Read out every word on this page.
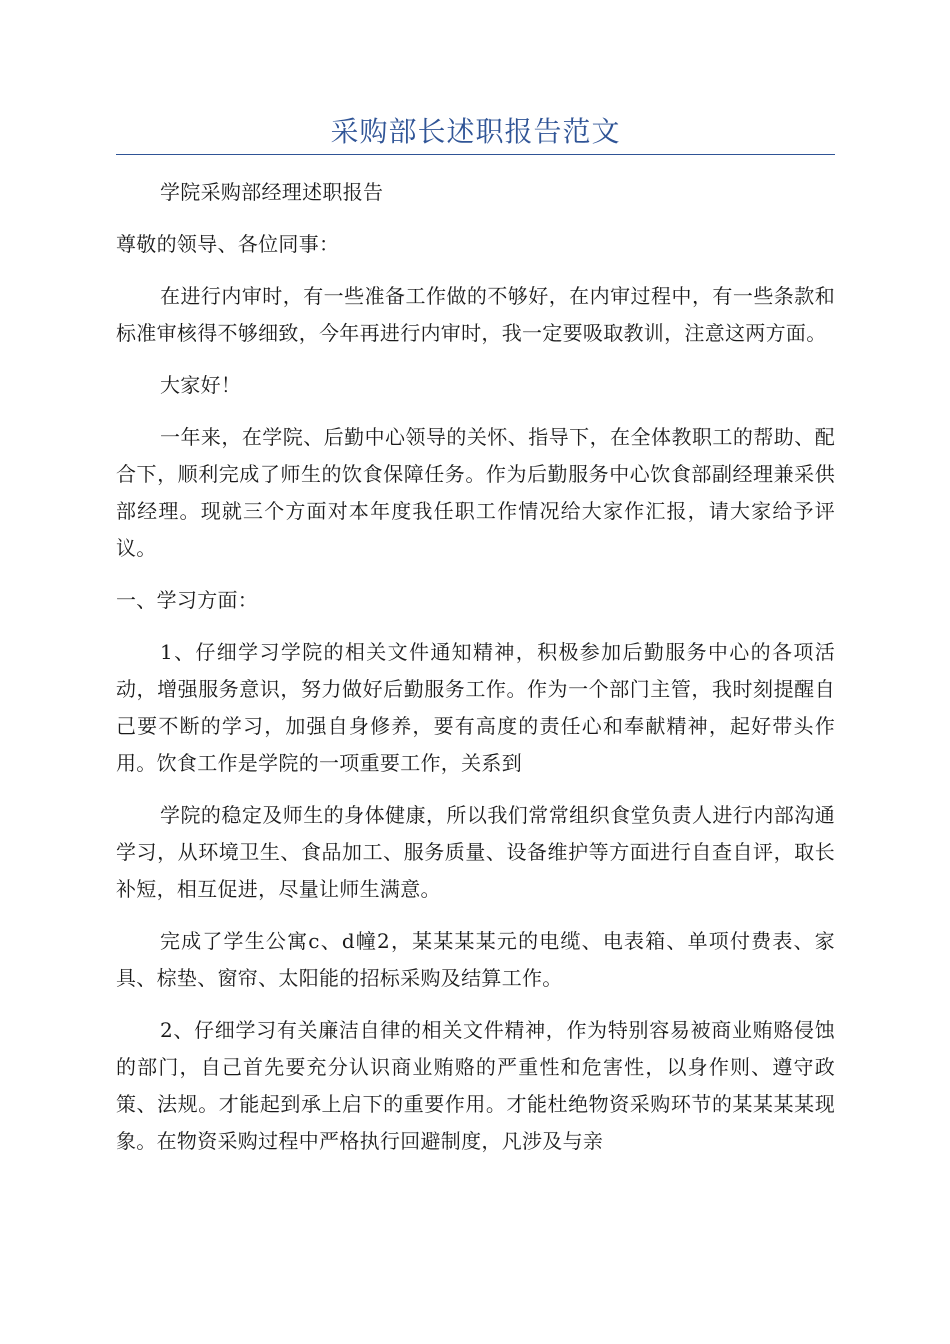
采购部长述职报告范文

学院采购部经理述职报告

尊敬的领导、各位同事：

在进行内审时，有一些准备工作做的不够好，在内审过程中，有一些条款和标准审核得不够细致，今年再进行内审时，我一定要吸取教训，注意这两方面。

大家好！

一年来，在学院、后勤中心领导的关怀、指导下，在全体教职工的帮助、配合下，顺利完成了师生的饮食保障任务。作为后勤服务中心饮食部副经理兼采供部经理。现就三个方面对本年度我任职工作情况给大家作汇报，请大家给予评议。

一、学习方面：

1、仔细学习学院的相关文件通知精神，积极参加后勤服务中心的各项活动，增强服务意识，努力做好后勤服务工作。作为一个部门主管，我时刻提醒自己要不断的学习，加强自身修养，要有高度的责任心和奉献精神，起好带头作用。饮食工作是学院的一项重要工作，关系到

学院的稳定及师生的身体健康，所以我们常常组织食堂负责人进行内部沟通学习，从环境卫生、食品加工、服务质量、设备维护等方面进行自查自评，取长补短，相互促进，尽量让师生满意。

完成了学生公寓c、d幢2，某某某某元的电缆、电表箱、单项付费表、家具、棕垫、窗帘、太阳能的招标采购及结算工作。

2、仔细学习有关廉洁自律的相关文件精神，作为特别容易被商业贿赂侵蚀的部门，自己首先要充分认识商业贿赂的严重性和危害性，以身作则、遵守政策、法规。才能起到承上启下的重要作用。才能杜绝物资采购环节的某某某某现象。在物资采购过程中严格执行回避制度，凡涉及与亲
